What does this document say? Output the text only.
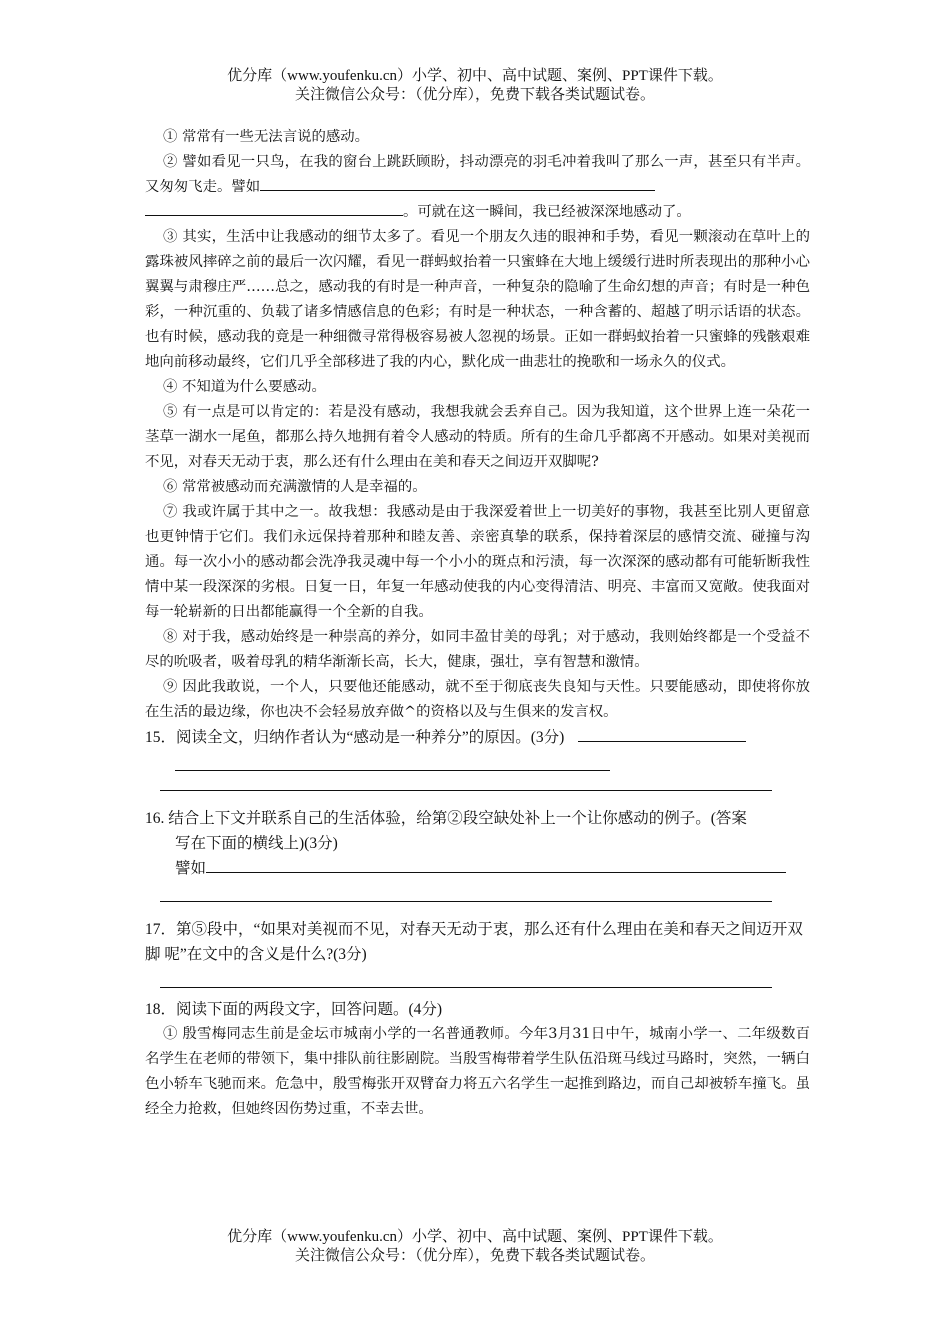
优分库（www.youfenku.cn）小学、初中、高中试题、案例、PPT课件下载。
关注微信公众号：（优分库），免费下载各类试题试卷。

① 常常有一些无法言说的感动。

② 譬如看见一只鸟，在我的窗台上跳跃顾盼，抖动漂亮的羽毛冲着我叫了那么一声，甚至只有半声。又匆匆飞走。譬如
。可就在这一瞬间，我已经被深深地感动了。

③ 其实，生活中让我感动的细节太多了。看见一个朋友久违的眼神和手势，看见一颗滚动在草叶上的露珠被风摔碎之前的最后一次闪耀，看见一群蚂蚁抬着一只蜜蜂在大地上缓缓行进时所表现出的那种小心翼翼与肃穆庄严……总之，感动我的有时是一种声音，一种复杂的隐喻了生命幻想的声音；有时是一种色彩，一种沉重的、负载了诸多情感信息的色彩；有时是一种状态，一种含蓄的、超越了明示话语的状态。也有时候，感动我的竟是一种细微寻常得极容易被人忽视的场景。正如一群蚂蚁抬着一只蜜蜂的残骸艰难地向前移动最终，它们几乎全部移进了我的内心，默化成一曲悲壮的挽歌和一场永久的仪式。

④ 不知道为什么要感动。

⑤ 有一点是可以肯定的：若是没有感动，我想我就会丢弃自己。因为我知道，这个世界上连一朵花一茎草一湖水一尾鱼，都那么持久地拥有着令人感动的特质。所有的生命几乎都离不开感动。如果对美视而不见，对春天无动于衷，那么还有什么理由在美和春天之间迈开双脚呢?

⑥ 常常被感动而充满激情的人是幸福的。

⑦ 我或许属于其中之一。故我想：我感动是由于我深爱着世上一切美好的事物，我甚至比别人更留意也更钟情于它们。我们永远保持着那种和睦友善、亲密真挚的联系，保持着深层的感情交流、碰撞与沟通。每一次小小的感动都会洗净我灵魂中每一个小小的斑点和污渍，每一次深深的感动都有可能斩断我性情中某一段深深的劣根。日复一日，年复一年感动使我的内心变得清洁、明亮、丰富而又宽敞。使我面对每一轮崭新的日出都能赢得一个全新的自我。

⑧ 对于我，感动始终是一种崇高的养分，如同丰盈甘美的母乳；对于感动，我则始终都是一个受益不尽的吮吸者，吸着母乳的精华渐渐长高，长大，健康，强壮，享有智慧和激情。

⑨ 因此我敢说，一个人，只要他还能感动，就不至于彻底丧失良知与天性。只要能感动，即使将你放在生活的最边缘，你也决不会轻易放弃做^的资格以及与生俱来的发言权。

15．阅读全文，归纳作者认为“感动是一种养分”的原因。(3分)

16. 结合上下文并联系自己的生活体验，给第②段空缺处补上一个让你感动的例子。(答案

写在下面的横线上)(3分)

譬如

17．第⑤段中，“如果对美视而不见，对春天无动于衷，那么还有什么理由在美和春天之间迈开双脚 呢”在文中的含义是什么?(3分)

18．阅读下面的两段文字，回答问题。(4分)

① 殷雪梅同志生前是金坛市城南小学的一名普通教师。今年3月31日中午，城南小学一、二年级数百名学生在老师的带领下，集中排队前往影剧院。当殷雪梅带着学生队伍沿斑马线过马路时，突然，一辆白色小轿车飞驰而来。危急中，殷雪梅张开双臂奋力将五六名学生一起推到路边，而自己却被轿车撞飞。虽经全力抢救，但她终因伤势过重，不幸去世。

优分库（www.youfenku.cn）小学、初中、高中试题、案例、PPT课件下载。
关注微信公众号：（优分库），免费下载各类试题试卷。
